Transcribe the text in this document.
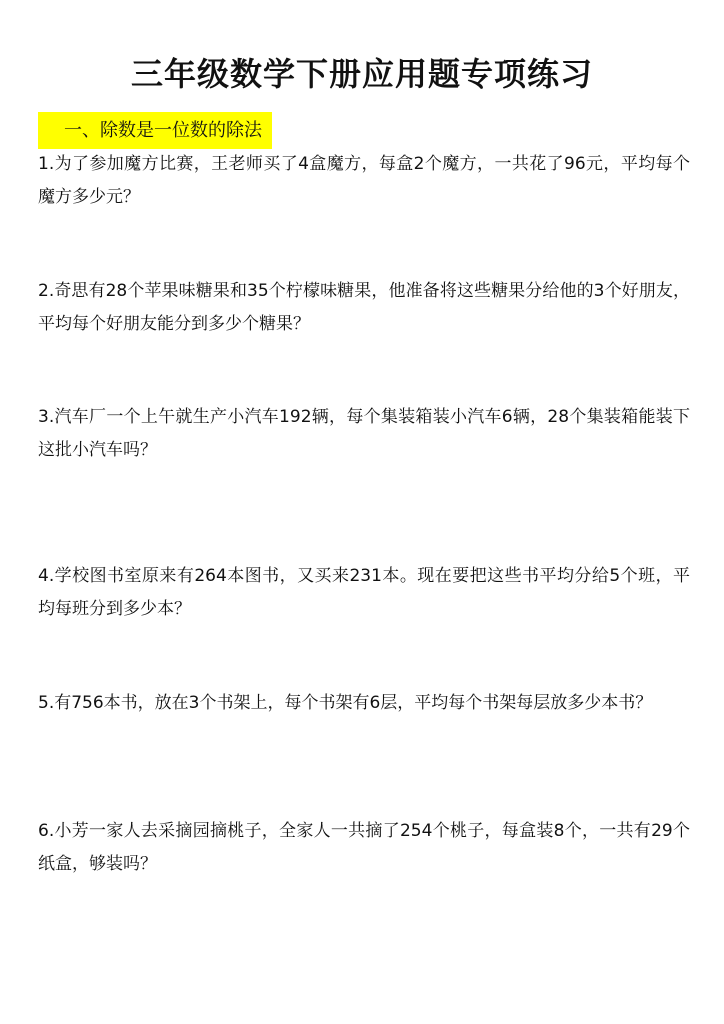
三年级数学下册应用题专项练习
一、除数是一位数的除法
1.为了参加魔方比赛，王老师买了4盒魔方，每盒2个魔方，一共花了96元，平均每个魔方多少元？
2.奇思有28个苹果味糖果和35个柠檬味糖果，他准备将这些糖果分给他的3个好朋友，平均每个好朋友能分到多少个糖果？
3.汽车厂一个上午就生产小汽车192辆，每个集装箱装小汽车6辆，28个集装箱能装下这批小汽车吗？
4.学校图书室原来有264本图书，又买来231本。现在要把这些书平均分给5个班，平均每班分到多少本？
5.有756本书，放在3个书架上，每个书架有6层，平均每个书架每层放多少本书？
6.小芳一家人去采摘园摘桃子，全家人一共摘了254个桃子，每盒装8个，一共有29个纸盒，够装吗？
